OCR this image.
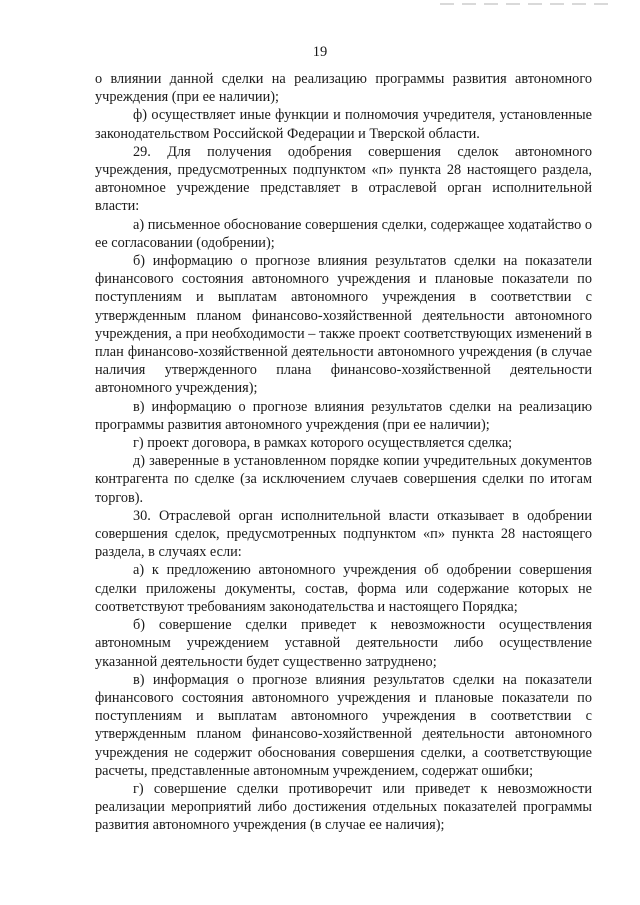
19

о влиянии данной сделки на реализацию программы развития автономного учреждения (при ее наличии);

ф) осуществляет иные функции и полномочия учредителя, установленные законодательством Российской Федерации и Тверской области.

29. Для получения одобрения совершения сделок автономного учреждения, предусмотренных подпунктом «п» пункта 28 настоящего раздела, автономное учреждение представляет в отраслевой орган исполнительной власти:

а) письменное обоснование совершения сделки, содержащее ходатайство о ее согласовании (одобрении);

б) информацию о прогнозе влияния результатов сделки на показатели финансового состояния автономного учреждения и плановые показатели по поступлениям и выплатам автономного учреждения в соответствии с утвержденным планом финансово-хозяйственной деятельности автономного учреждения, а при необходимости – также проект соответствующих изменений в план финансово-хозяйственной деятельности автономного учреждения (в случае наличия утвержденного плана финансово-хозяйственной деятельности автономного учреждения);

в) информацию о прогнозе влияния результатов сделки на реализацию программы развития автономного учреждения (при ее наличии);

г) проект договора, в рамках которого осуществляется сделка;

д) заверенные в установленном порядке копии учредительных документов контрагента по сделке (за исключением случаев совершения сделки по итогам торгов).

30. Отраслевой орган исполнительной власти отказывает в одобрении совершения сделок, предусмотренных подпунктом «п» пункта 28 настоящего раздела, в случаях если:

а) к предложению автономного учреждения об одобрении совершения сделки приложены документы, состав, форма или содержание которых не соответствуют требованиям законодательства и настоящего Порядка;

б) совершение сделки приведет к невозможности осуществления автономным учреждением уставной деятельности либо осуществление указанной деятельности будет существенно затруднено;

в) информация о прогнозе влияния результатов сделки на показатели финансового состояния автономного учреждения и плановые показатели по поступлениям и выплатам автономного учреждения в соответствии с утвержденным планом финансово-хозяйственной деятельности автономного учреждения не содержит обоснования совершения сделки, а соответствующие расчеты, представленные автономным учреждением, содержат ошибки;

г) совершение сделки противоречит или приведет к невозможности реализации мероприятий либо достижения отдельных показателей программы развития автономного учреждения (в случае ее наличия);
